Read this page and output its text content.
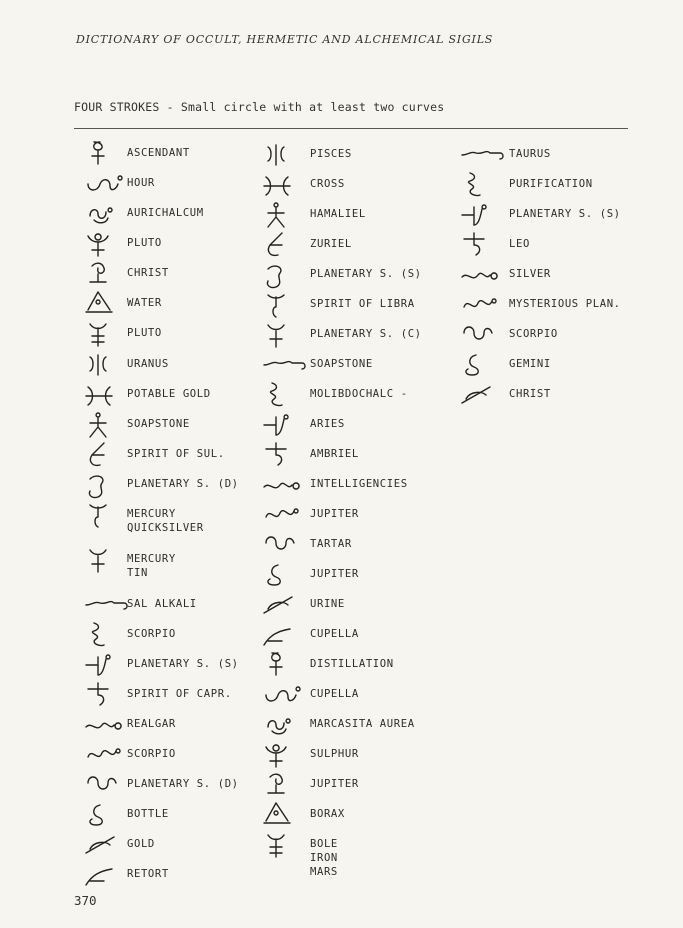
DICTIONARY OF OCCULT, HERMETIC AND ALCHEMICAL SIGILS
FOUR STROKES - Small circle with at least two curves
ASCENDANT
HOUR
AURICHALCUM
PLUTO
CHRIST
WATER
PLUTO
URANUS
POTABLE GOLD
SOAPSTONE
SPIRIT OF SUL.
PLANETARY S. (D)
MERCURY
QUICKSILVER
MERCURY
TIN
SAL ALKALI
SCORPIO
PLANETARY S. (S)
SPIRIT OF CAPR.
REALGAR
SCORPIO
PLANETARY S. (D)
BOTTLE
GOLD
RETORT
PISCES
CROSS
HAMALIEL
ZURIEL
PLANETARY S. (S)
SPIRIT OF LIBRA
PLANETARY S. (C)
SOAPSTONE
MOLIBDOCHALC -
ARIES
AMBRIEL
INTELLIGENCIES
JUPITER
TARTAR
JUPITER
URINE
CUPELLA
DISTILLATION
CUPELLA
MARCASITA AUREA
SULPHUR
JUPITER
BORAX
BOLE
IRON
MARS
TAURUS
PURIFICATION
PLANETARY S. (S)
LEO
SILVER
MYSTERIOUS PLAN.
SCORPIO
GEMINI
CHRIST
370
